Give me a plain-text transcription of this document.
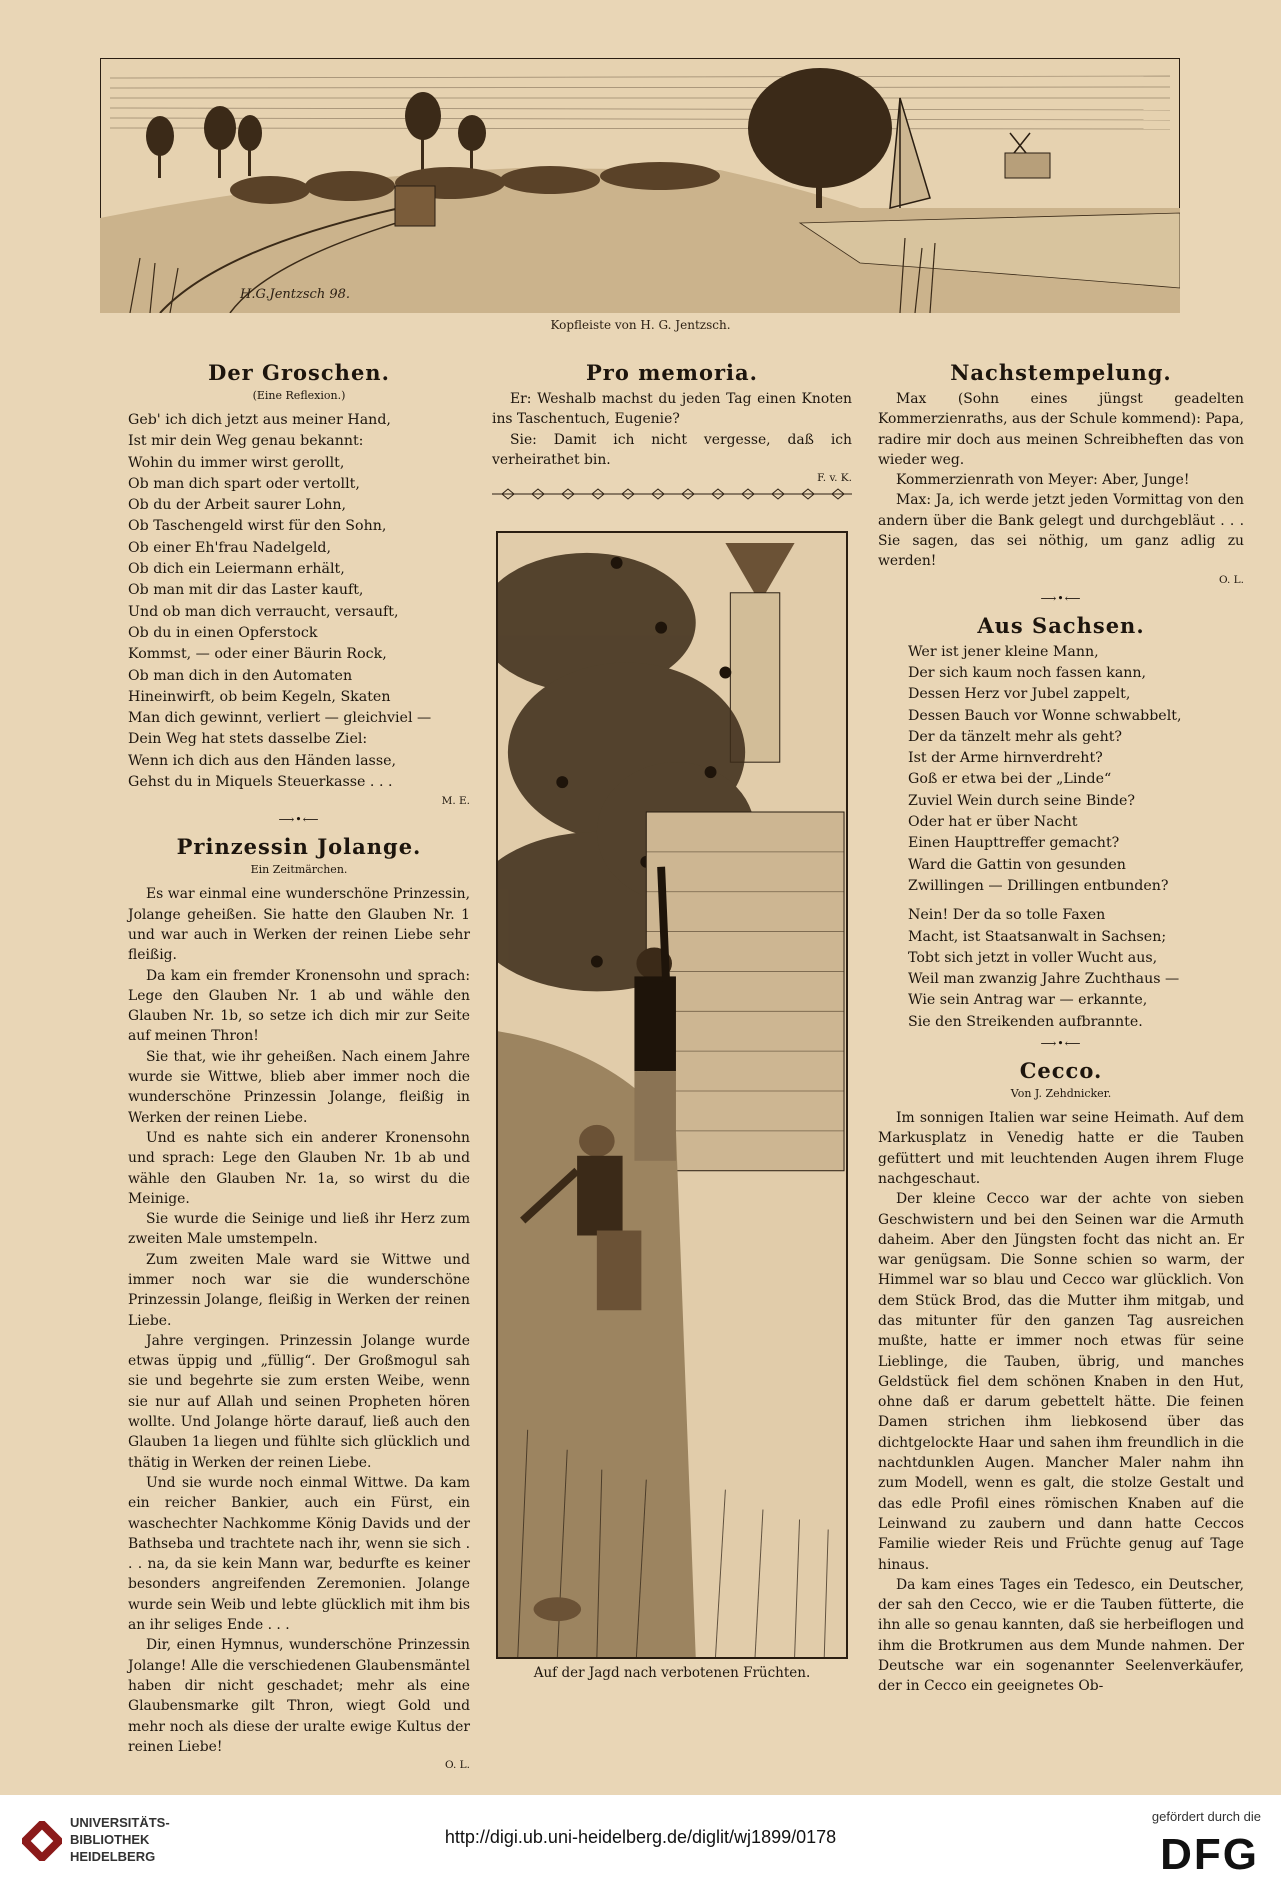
H.G.Jentzsch 98.
Kopfleiste von H. G. Jentzsch.
Der Groschen.
(Eine Reflexion.)
Geb' ich dich jetzt aus meiner Hand,
Ist mir dein Weg genau bekannt:
Wohin du immer wirst gerollt,
Ob man dich spart oder vertollt,
Ob du der Arbeit saurer Lohn,
Ob Taschengeld wirst für den Sohn,
Ob einer Eh'frau Nadelgeld,
Ob dich ein Leiermann erhält,
Ob man mit dir das Laster kauft,
Und ob man dich verraucht, versauft,
Ob du in einen Opferstock
Kommst, — oder einer Bäurin Rock,
Ob man dich in den Automaten
Hineinwirft, ob beim Kegeln, Skaten
Man dich gewinnt, verliert — gleichviel —
Dein Weg hat stets dasselbe Ziel:
Wenn ich dich aus den Händen lasse,
Gehst du in Miquels Steuerkasse . . .
M. E.
⟶•⟵
Prinzessin Jolange.
Ein Zeitmärchen.

Es war einmal eine wunderschöne Prinzessin, Jolange geheißen. Sie hatte den Glauben Nr. 1 und war auch in Werken der reinen Liebe sehr fleißig.

Da kam ein fremder Kronensohn und sprach: Lege den Glauben Nr. 1 ab und wähle den Glauben Nr. 1b, so setze ich dich mir zur Seite auf meinen Thron!

Sie that, wie ihr geheißen. Nach einem Jahre wurde sie Wittwe, blieb aber immer noch die wunderschöne Prinzessin Jolange, fleißig in Werken der reinen Liebe.

Und es nahte sich ein anderer Kronensohn und sprach: Lege den Glauben Nr. 1b ab und wähle den Glauben Nr. 1a, so wirst du die Meinige.

Sie wurde die Seinige und ließ ihr Herz zum zweiten Male umstempeln.

Zum zweiten Male ward sie Wittwe und immer noch war sie die wunderschöne Prinzessin Jolange, fleißig in Werken der reinen Liebe.

Jahre vergingen. Prinzessin Jolange wurde etwas üppig und „füllig“. Der Großmogul sah sie und begehrte sie zum ersten Weibe, wenn sie nur auf Allah und seinen Propheten hören wollte. Und Jolange hörte darauf, ließ auch den Glauben 1a liegen und fühlte sich glücklich und thätig in Werken der reinen Liebe.

Und sie wurde noch einmal Wittwe. Da kam ein reicher Bankier, auch ein Fürst, ein waschechter Nachkomme König Davids und der Bathseba und trachtete nach ihr, wenn sie sich . . . na, da sie kein Mann war, bedurfte es keiner besonders angreifenden Zeremonien. Jolange wurde sein Weib und lebte glücklich mit ihm bis an ihr seliges Ende . . .

Dir, einen Hymnus, wunderschöne Prinzessin Jolange! Alle die verschiedenen Glaubensmäntel haben dir nicht geschadet; mehr als eine Glaubensmarke gilt Thron, wiegt Gold und mehr noch als diese der uralte ewige Kultus der reinen Liebe!

O. L.
Pro memoria.

Er: Weshalb machst du jeden Tag einen Knoten ins Taschentuch, Eugenie?

Sie: Damit ich nicht vergesse, daß ich verheirathet bin.

F. v. K.
Auf der Jagd nach verbotenen Früchten.
Nachstempelung.

Max (Sohn eines jüngst geadelten Kommerzienraths, aus der Schule kommend): Papa, radire mir doch aus meinen Schreibheften das von wieder weg.

Kommerzienrath von Meyer: Aber, Junge!

Max: Ja, ich werde jetzt jeden Vormittag von den andern über die Bank gelegt und durchgebläut . . . Sie sagen, das sei nöthig, um ganz adlig zu werden!

O. L.
⟶•⟵
Aus Sachsen.
Wer ist jener kleine Mann,
Der sich kaum noch fassen kann,
Dessen Herz vor Jubel zappelt,
Dessen Bauch vor Wonne schwabbelt,
Der da tänzelt mehr als geht?
Ist der Arme hirnverdreht?
Goß er etwa bei der „Linde“
Zuviel Wein durch seine Binde?
Oder hat er über Nacht
Einen Haupttreffer gemacht?
Ward die Gattin von gesunden
Zwillingen — Drillingen entbunden?
Nein! Der da so tolle Faxen
Macht, ist Staatsanwalt in Sachsen;
Tobt sich jetzt in voller Wucht aus,
Weil man zwanzig Jahre Zuchthaus —
Wie sein Antrag war — erkannte,
Sie den Streikenden aufbrannte.
⟶•⟵
Cecco.
Von J. Zehdnicker.

Im sonnigen Italien war seine Heimath. Auf dem Markusplatz in Venedig hatte er die Tauben gefüttert und mit leuchtenden Augen ihrem Fluge nachgeschaut.

Der kleine Cecco war der achte von sieben Geschwistern und bei den Seinen war die Armuth daheim. Aber den Jüngsten focht das nicht an. Er war genügsam. Die Sonne schien so warm, der Himmel war so blau und Cecco war glücklich. Von dem Stück Brod, das die Mutter ihm mitgab, und das mitunter für den ganzen Tag ausreichen mußte, hatte er immer noch etwas für seine Lieblinge, die Tauben, übrig, und manches Geldstück fiel dem schönen Knaben in den Hut, ohne daß er darum gebettelt hätte. Die feinen Damen strichen ihm liebkosend über das dichtgelockte Haar und sahen ihm freundlich in die nachtdunklen Augen. Mancher Maler nahm ihn zum Modell, wenn es galt, die stolze Gestalt und das edle Profil eines römischen Knaben auf die Leinwand zu zaubern und dann hatte Ceccos Familie wieder Reis und Früchte genug auf Tage hinaus.

Da kam eines Tages ein Tedesco, ein Deutscher, der sah den Cecco, wie er die Tauben fütterte, die ihn alle so genau kannten, daß sie herbeiflogen und ihm die Brotkrumen aus dem Munde nahmen. Der Deutsche war ein sogenannter Seelenverkäufer, der in Cecco ein geeignetes Ob-

UNIVERSITÄTS-
BIBLIOTHEK
HEIDELBERG
http://digi.ub.uni-heidelberg.de/diglit/wj1899/0178
gefördert durch die
DFG
